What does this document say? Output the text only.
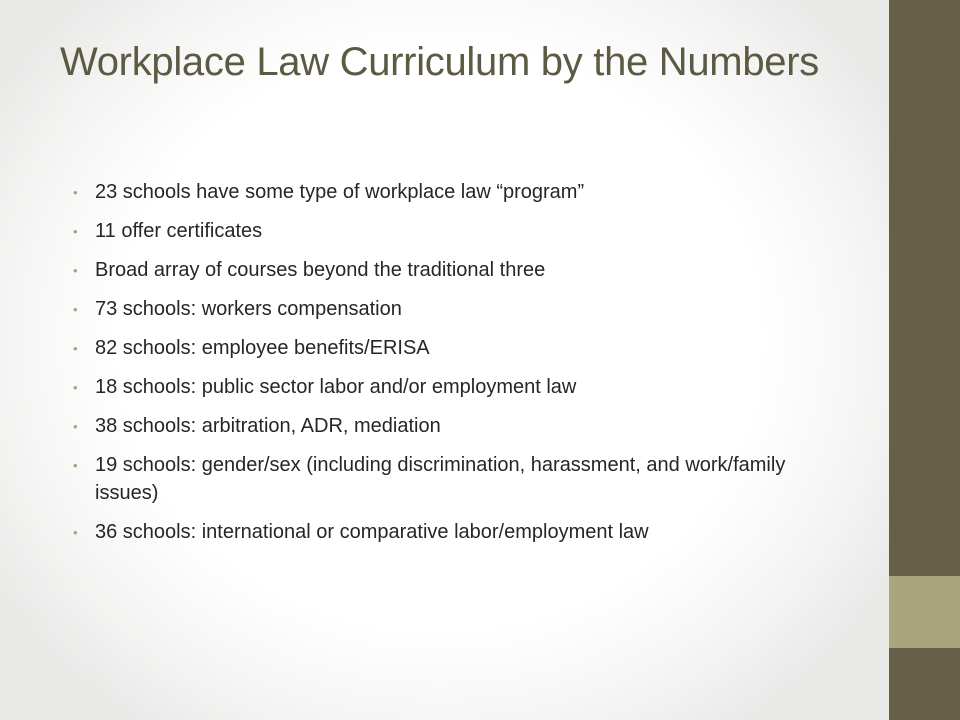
Workplace Law Curriculum by the Numbers
• 23 schools have some type of workplace law “program”
• 11 offer certificates
• Broad array of courses beyond the traditional three
• 73 schools: workers compensation
• 82 schools: employee benefits/ERISA
• 18 schools: public sector labor and/or employment law
• 38 schools: arbitration, ADR, mediation
• 19 schools: gender/sex (including discrimination, harassment, and work/family issues)
• 36 schools: international or comparative labor/employment law
